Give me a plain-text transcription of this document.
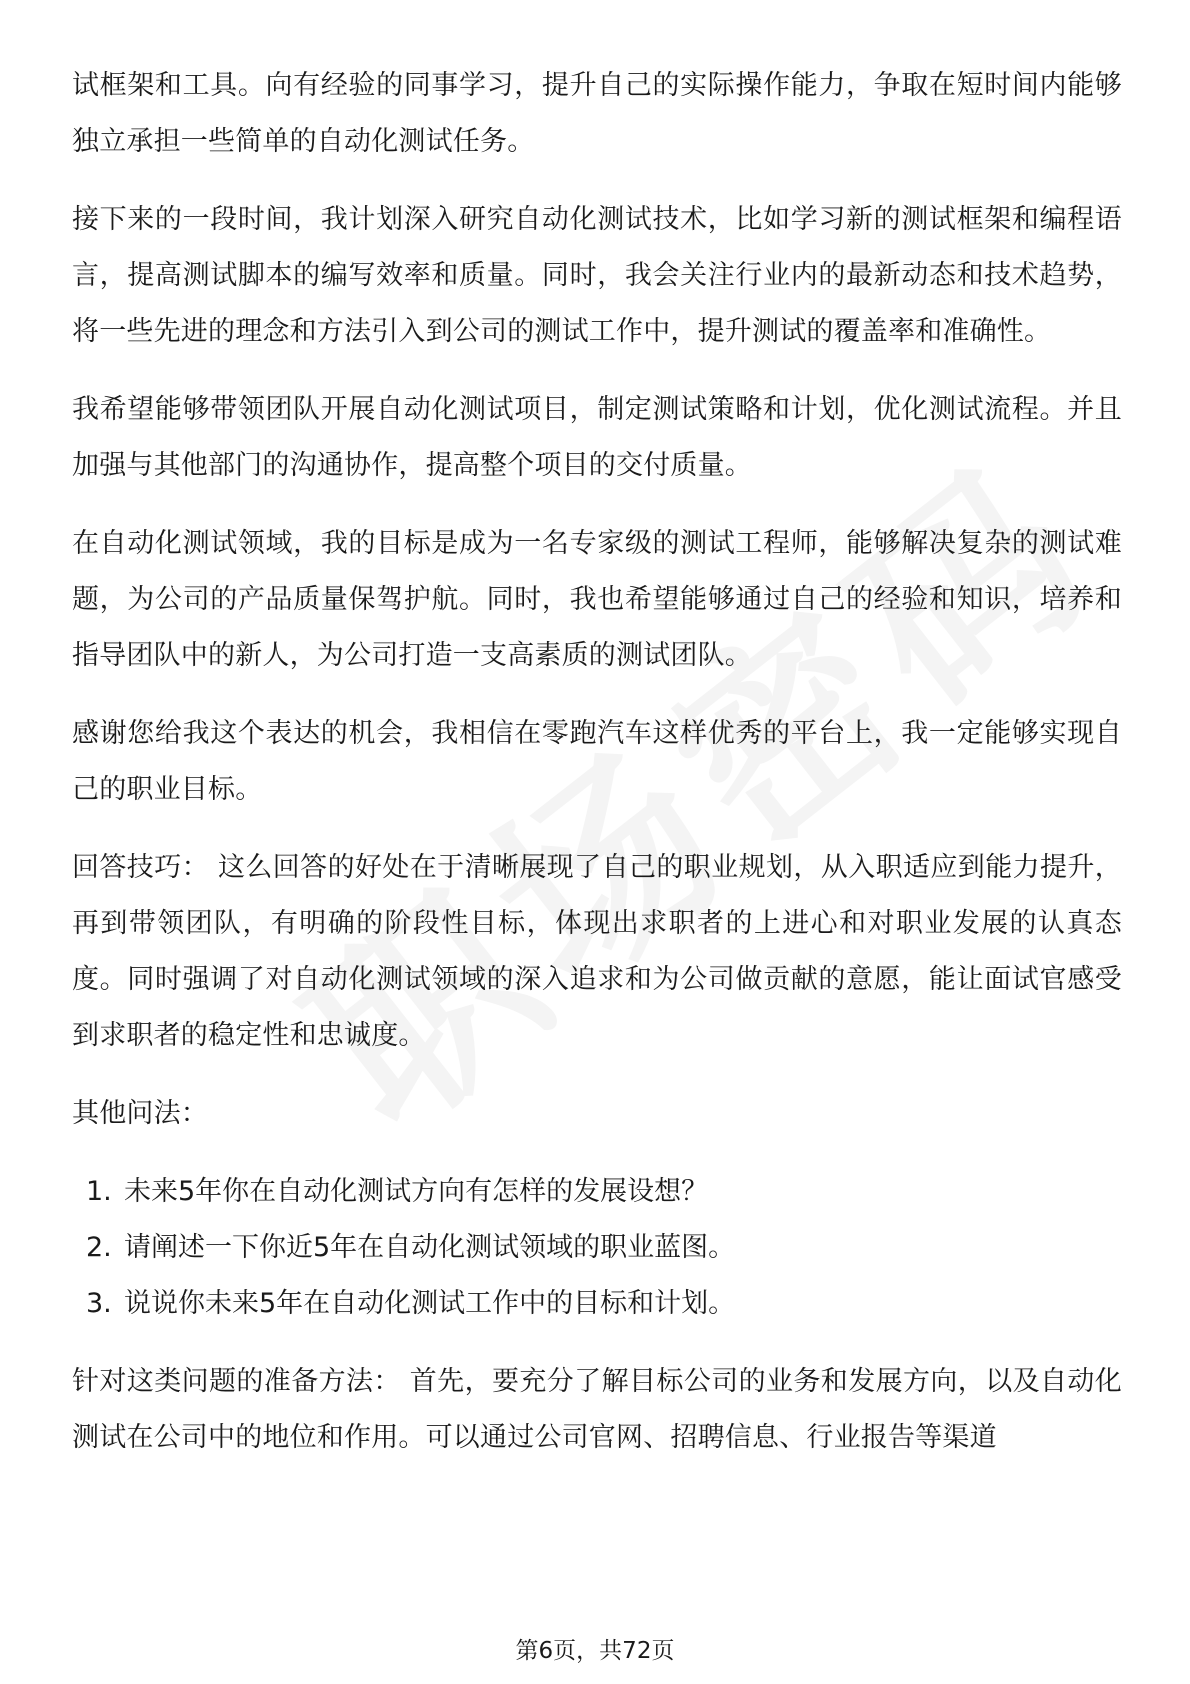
试框架和工具。向有经验的同事学习，提升自己的实际操作能力，争取在短时间内能够独立承担一些简单的自动化测试任务。

接下来的一段时间，我计划深入研究自动化测试技术，比如学习新的测试框架和编程语言，提高测试脚本的编写效率和质量。同时，我会关注行业内的最新动态和技术趋势，将一些先进的理念和方法引入到公司的测试工作中，提升测试的覆盖率和准确性。

我希望能够带领团队开展自动化测试项目，制定测试策略和计划，优化测试流程。并且加强与其他部门的沟通协作，提高整个项目的交付质量。

在自动化测试领域，我的目标是成为一名专家级的测试工程师，能够解决复杂的测试难题，为公司的产品质量保驾护航。同时，我也希望能够通过自己的经验和知识，培养和指导团队中的新人，为公司打造一支高素质的测试团队。

感谢您给我这个表达的机会，我相信在零跑汽车这样优秀的平台上，我一定能够实现自己的职业目标。

回答技巧： 这么回答的好处在于清晰展现了自己的职业规划，从入职适应到能力提升，再到带领团队，有明确的阶段性目标，体现出求职者的上进心和对职业发展的认真态度。同时强调了对自动化测试领域的深入追求和为公司做贡献的意愿，能让面试官感受到求职者的稳定性和忠诚度。

其他问法：

1. 未来5年你在自动化测试方向有怎样的发展设想？
2. 请阐述一下你近5年在自动化测试领域的职业蓝图。
3. 说说你未来5年在自动化测试工作中的目标和计划。

针对这类问题的准备方法： 首先，要充分了解目标公司的业务和发展方向，以及自动化测试在公司中的地位和作用。可以通过公司官网、招聘信息、行业报告等渠道

第6页，共72页
